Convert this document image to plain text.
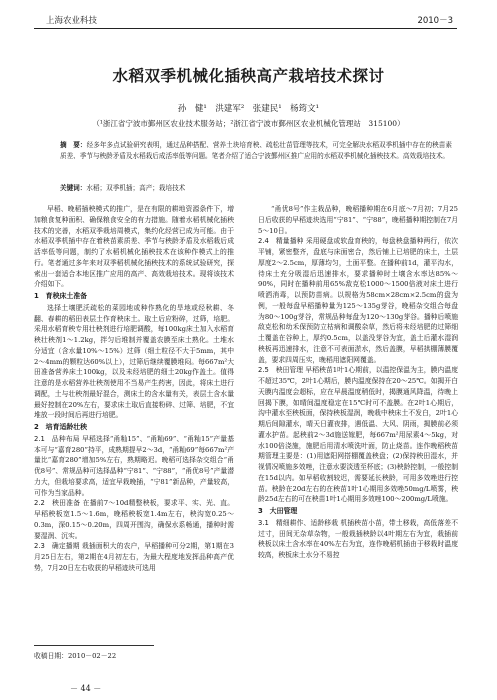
上海农业科技	2010－3
水稻双季机械化插秧高产栽培技术探讨
孙　健¹　洪建军²　张建民¹　杨筠文¹
（¹浙江省宁波市鄞州区农业技术服务站；²浙江省宁波市鄞州区农业机械化管理站　315100）
摘　要：经多年多点试验研究表明，通过品种搭配、营养土块培育秧、疏松壮苗管理等技术，可完全解决水稻双季机插中存在的秧苗素质差、季节与秧龄矛盾及水稻栽后成活率低等问题。笔者介绍了适合宁波鄞州区推广应用的水稻双季机械化插秧技术。高效栽培技术。
关键词：水稻；双季机插；高产；栽培技术

早稻、晚稻插秧模式的推广，是在有限的耕地资源条件下，增加粮食复种面积、确保粮食安全的有力措施。随着水稻机械化插秧技术的完善，水稻双季栽培周模式，集约化经营已成为可能。由于水稻双季机插中存在着秧苗素质差、季节与秧龄矛盾及水稻栽后成活率低等问题，制约了水稻机械化插秧技术在该种作模式上的推行。笔者通过多年来对双季稻机械化插秧技术的系统试验研究，探索出一套适合本地区推广应用的高产、高效栽培技术。现将该技术介绍如下。

1　育秧床土准备

选择土壤肥沃疏松的菜园地或种作熟化的旱地或经秋耕、冬翻、春耕的稻田表层土作育秧床土。取土后应粉碎，过筛，培肥。采用水稻育秧专用壮秧剂进行培肥调酸，每100kg床土加入水稻育秧壮秧剂1～1.2kg，拌匀后堆制并覆盖农膜至床土熟化。土堆水分适宜（含水量10%～15%）过筛（细土粒径不大于5mm，其中2～4mm的颗粒达60%以上），过筛后继续覆膜堆闷。每667m²大田准备营养床土100kg，以及未经培肥的细土20kg作盖土。值得注意的是水稻营养壮秧剂使用不当易产生药害，因此，将床土进行调配，土与壮秧剂最好混合，测床土的含水量有关，表层土含水量最好控制在20%左右，要求床土取后直接粉碎、过筛、培肥，不宜堆放一段时间后再进行培肥。

2　培育适龄壮秧

2.1　品种布局 早稻选择“甬籼15”、“甬籼69”、“甬籼15”产量基本可与“嘉育280”持平，成熟期提早2～3d，“甬籼69”每667m²产量比“嘉育280”增加5%左右，熟期略迟。晚稻可选择杂交组合“甬优8号”、常规品种可选择晶种“宁81”、“宁88”，“甬优8号”产量潜力大，但栽培要求高，适宜早栽晚插，“宁81”新品种，产量较高，可作为当家品种。

2.2　秧田准备 在播前7～10d精整秧板，要求平、实、光、直。早稻秧板宽1.5～1.6m，晚稻秧板宽1.4m左右，秧沟宽0.25～0.3m，深0.15～0.20m，四周开围沟，确保水系畅通，播种时需要湿润、沉实。

2.3　确定播期 栽插面积大的农户，早稻播种可分2期，第1期在3月25日左右，第2期在4月初左右，为最大程度地发挥品种高产优势，7月20日左右收获的早稻迹块可选用

“甬优8号”作主栽品种，晚稻播种期在6月底～7月初；7月25日后收获的早稻迹块选用“宁81”、“宁88”，晚稻播种期控制在7月5～10日。

2.4　精量播种 采用硬盘或软盘育秧的，每盘秧盘播种两行，依次平铺，紧密整齐，盘底与床面密合，然后铺上已培肥的床土，土层厚度2～2.5cm，厚薄均匀，土面平整。在播种前1d，灌平沟水，待床土充分吸湿后迅速排水，要求播种时土壤含水率达85%～90%，同时在播种前用65%敌克松1000～1500倍液对床土进行喷洒消毒，以预防苗病。以规格为58cm×28cm×2.5cm的盘为例，一般每盘早稻播种量为125～135g芽谷，晚稻杂交组合每盘为80～100g芽谷，常规品种每盘为120～130g芽谷。播种后喷施敌克松和幼禾保预防立枯病和调酸杂草，然后将未经培肥的过筛细土覆盖在谷种上，厚约0.5cm，以盖没芽谷为宜，盖土后灌水湿润秧板再迅速排水，注意不可表面淤水，然后盖膜，早稻拱棚薄膜覆盖，要求四周压实，晚稻用遮阳网覆盖。

2.5　秧田管理 早稻秧苗1叶1心期前，以温控保温为主，膜内温度不超过35℃，2叶1心期后，膜内温度保持在20～25℃。如揭开白天膜内温度会超标，应在早晨温度稍低时，揭膜通风降温，待晚上回揭下膜，如晴间温度稳定在15℃时可不盖膜。在2叶1心期后，沟中灌水至秧板面，保持秧板湿润，晚栽中秧床土不发白，2叶1心期后间隙灌水，晴天日灌夜排，遇低温、大风、阴雨，揭膜前必须灌水护苗。起秧前2～3d施送嫁肥，每667m²用尿素4～5kg，对水100倍浇施，施肥后用清水喷洗叶面，防止烧苗。连作晚稻秧苗期管理主要是：(1)用遮阳网搭棚覆盖秧盘；(2)保持秧田湿水，并视情况喷施多效唑，注意水要淡透至杯底；(3)秧龄控制，一般控制在15d以内。如早稻收割较迟，需要延长秧龄，可用多效唑进行控苗。秧龄在20d左右的在秧苗1叶1心期用多效唑50mg/L喷雾，秧龄25d左右的可在秧苗1叶1心期用多效唑100～200mg/L喷施。

3　大田管理

3.1　精细耕作、适龄移栽 机插秧苗小苗，带土移栽，高低落差不过寸，田间无杂草杂物，一般栽插秧龄以4叶期左右为宜，栽插前秧板以床土含水率在40%左右为宜，连作晚稻机插由于移栽时温度较高，秧板床土水分不易控

收稿日期：2010－02－22
－ 44 －
